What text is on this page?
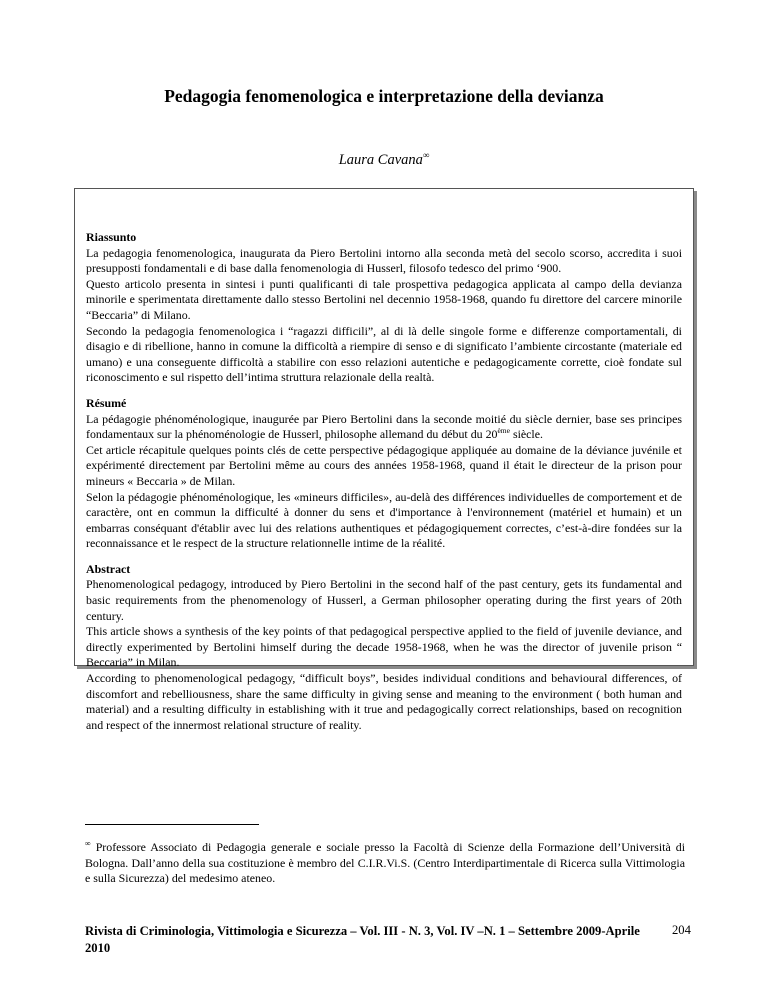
Pedagogia fenomenologica e interpretazione della devianza
Laura Cavana∞
Riassunto
La pedagogia fenomenologica, inaugurata da Piero Bertolini intorno alla seconda metà del secolo scorso, accredita i suoi presupposti fondamentali e di base dalla fenomenologia di Husserl, filosofo tedesco del primo ‘900.
Questo articolo presenta in sintesi i punti qualificanti di tale prospettiva pedagogica applicata al campo della devianza minorile e sperimentata direttamente dallo stesso Bertolini nel decennio 1958-1968, quando fu direttore del carcere minorile “Beccaria” di Milano.
Secondo la pedagogia fenomenologica i “ragazzi difficili”, al di là delle singole forme e differenze comportamentali, di disagio e di ribellione, hanno in comune la difficoltà a riempire di senso e di significato l’ambiente circostante (materiale ed umano) e una conseguente difficoltà a stabilire con esso relazioni autentiche e pedagogicamente corrette, cioè fondate sul riconoscimento e sul rispetto dell’intima struttura relazionale della realtà.
Résumé
La pédagogie phénoménologique, inaugurée par Piero Bertolini dans la seconde moitié du siècle dernier, base ses principes fondamentaux sur la phénoménologie de Husserl, philosophe allemand du début du 20ème siècle.
Cet article récapitule quelques points clés de cette perspective pédagogique appliquée au domaine de la déviance juvénile et expérimenté directement par Bertolini même au cours des années 1958-1968, quand il était le directeur de la prison pour mineurs « Beccaria » de Milan.
Selon la pédagogie phénoménologique, les «mineurs difficiles», au-delà des différences individuelles de comportement et de caractère, ont en commun la difficulté à donner du sens et d'importance à l'environnement (matériel et humain) et un embarras conséquant d'établir avec lui des relations authentiques et pédagogiquement correctes, c’est-à-dire fondées sur la reconnaissance et le respect de la structure relationnelle intime de la réalité.
Abstract
Phenomenological pedagogy, introduced by Piero Bertolini in the second half of the past century, gets its fundamental and basic requirements from the phenomenology of Husserl, a German philosopher operating during the first years of 20th century.
This article shows a synthesis of the key points of that pedagogical perspective applied to the field of juvenile deviance, and directly experimented by Bertolini himself during the decade 1958-1968, when he was the director of juvenile prison “ Beccaria” in Milan.
According to phenomenological pedagogy, “difficult boys”, besides individual conditions and behavioural differences, of discomfort and rebelliousness, share the same difficulty in giving sense and meaning to the environment ( both human and material) and a resulting difficulty in establishing with it true and pedagogically correct relationships, based on recognition and respect of the innermost relational structure of reality.
∞ Professore Associato di Pedagogia generale e sociale presso la Facoltà di Scienze della Formazione dell’Università di Bologna. Dall’anno della sua costituzione è membro del C.I.R.Vi.S. (Centro Interdipartimentale di Ricerca sulla Vittimologia e sulla Sicurezza) del medesimo ateneo.
Rivista di Criminologia, Vittimologia e Sicurezza – Vol. III - N. 3, Vol. IV –N. 1 – Settembre 2009-Aprile 2010
204
